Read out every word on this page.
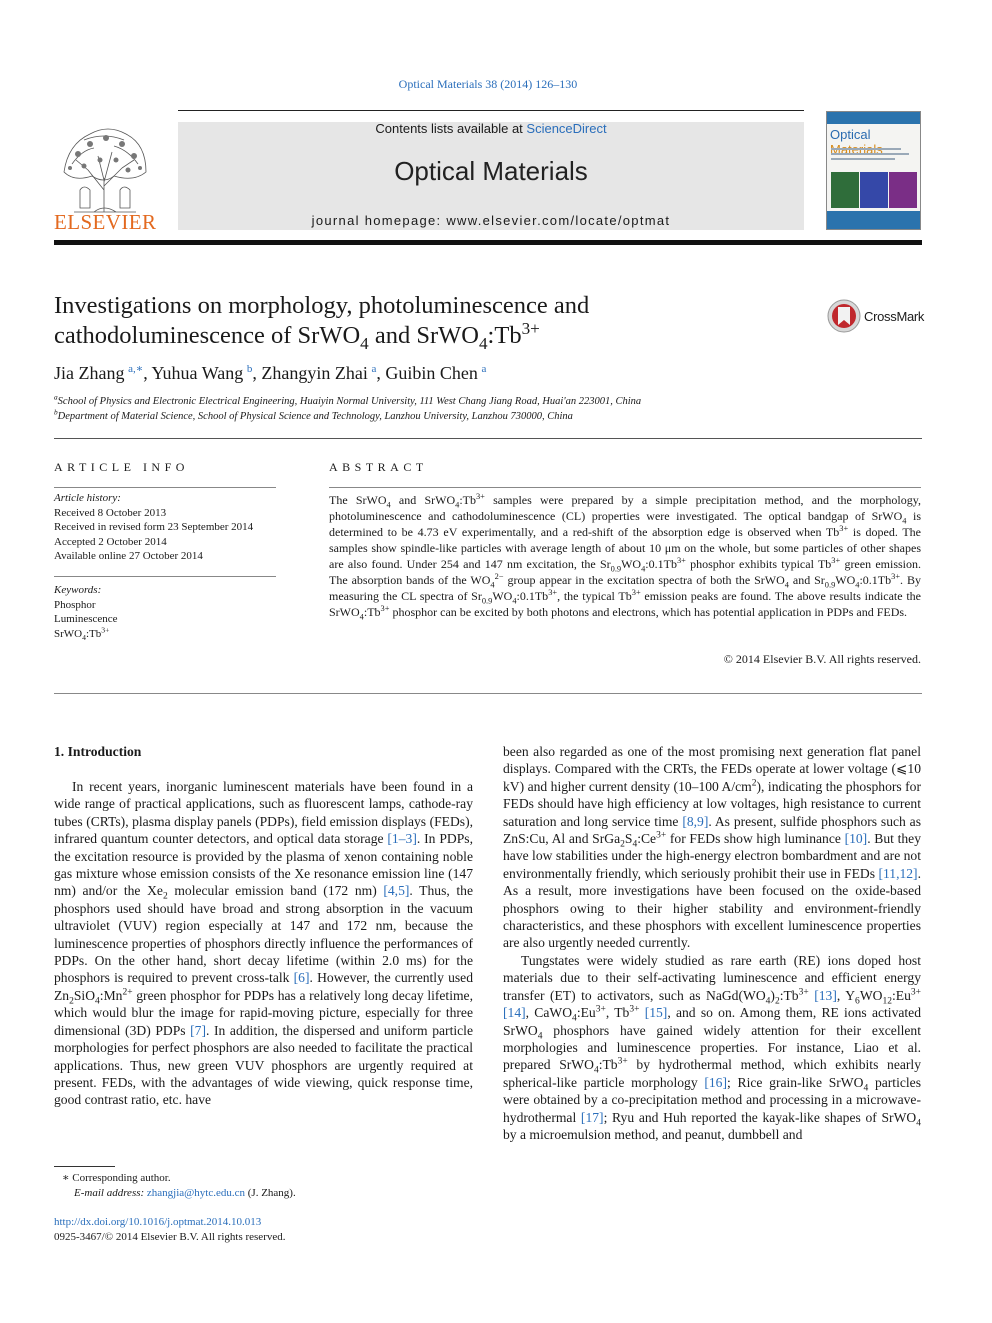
Optical Materials 38 (2014) 126–130
Contents lists available at ScienceDirect
Optical Materials
journal homepage: www.elsevier.com/locate/optmat
ELSEVIER
Optical
Investigations on morphology, photoluminescence and
cathodoluminescence of SrWO$_4$ and $SrWO_4:Tb^{3+}$
CrossMark
Jia Zhang  $^{a,∗}$, Yuhua Wang  $^b$, Zhangyin Zhai  $^a$, Guibin Chen  $^a$
$^a$School of Physics and Electronic Electrical Engineering, Huaiyin Normal University, 111 West Chang Jiang Road, Huai'an 223001, China
$^b$Department of Material Science, School of Physical Science and Technology, Lanzhou University, Lanzhou 730000, China
ARTICLE INFO
Article history:
Received 8 October 2013
Received in revised form 23 September 2014
Accepted 2 October 2014
Available online 27 October 2014
Keywords:
Phosphor
Luminescence
$SrWO_4:Tb^{3+}$
ABSTRACT

The SrWO$_4$ and $SrWO_4:Tb^{3+}$ samples were prepared by a simple precipitation method, and the morphology, photoluminescence and cathodoluminescence (CL) properties were investigated. The optical bandgap of SrWO$_4$ is determined to be 4.73 eV experimentally, and a red-shift of the absorption edge is observed when $Tb^{3+}$ is doped. The samples show spindle-like particles with average length of about 10 μm on the whole, but some particles of other shapes are also found. Under 254 and 147 nm excitation, the $Sr_{0.9}WO_4:0.1Tb^{3+}$ phosphor exhibits typical $Tb^{3+}$ green emission. The absorption bands of the $WO_4^{2-}$ group appear in the excitation spectra of both the SrWO$_4$ and $Sr_{0.9}WO_4:0.1Tb^{3+}$. By measuring the CL spectra of $Sr_{0.9}WO_4:0.1Tb^{3+}$, the typical $Tb^{3+}$ emission peaks are found. The above results indicate the $SrWO_4:Tb^{3+}$ phosphor can be excited by both photons and electrons, which has potential application in PDPs and FEDs.

© 2014 Elsevier B.V. All rights reserved.
1. Introduction

In recent years, inorganic luminescent materials have been found in a wide range of practical applications, such as fluorescent lamps, cathode-ray tubes (CRTs), plasma display panels (PDPs), field emission displays (FEDs), infrared quantum counter detectors, and optical data storage [1–3]. In PDPs, the excitation resource is provided by the plasma of xenon containing noble gas mixture whose emission consists of the Xe resonance emission line (147 nm) and/or the $Xe_2$ molecular emission band (172 nm) [4,5]. Thus, the phosphors used should have broad and strong absorption in the vacuum ultraviolet (VUV) region especially at 147 and 172 nm, because the luminescence properties of phosphors directly influence the performances of PDPs. On the other hand, short decay lifetime (within 2.0 ms) for the phosphors is required to prevent cross-talk [6]. However, the currently used $Zn_2SiO_4:Mn^{2+}$ green phosphor for PDPs has a relatively long decay lifetime, which would blur the image for rapid-moving picture, especially for three dimensional (3D) PDPs [7]. In addition, the dispersed and uniform particle morphologies for perfect phosphors are also needed to facilitate the practical applications. Thus, new green VUV phosphors are urgently required at present. FEDs, with the advantages of wide viewing, quick response time, good contrast ratio, etc. have

been also regarded as one of the most promising next generation flat panel displays. Compared with the CRTs, the FEDs operate at lower voltage (⩽10 kV) and higher current density (10–100 $A/cm^2$), indicating the phosphors for FEDs should have high efficiency at low voltages, high resistance to current saturation and long service time [8,9]. As present, sulfide phosphors such as ZnS:Cu, Al and $SrGa_2S_4:Ce^{3+}$ for FEDs show high luminance [10]. But they have low stabilities under the high-energy electron bombardment and are not environmentally friendly, which seriously prohibit their use in FEDs [11,12]. As a result, more investigations have been focused on the oxide-based phosphors owing to their higher stability and environment-friendly characteristics, and these phosphors with excellent luminescence properties are also urgently needed currently.

Tungstates were widely studied as rare earth (RE) ions doped host materials due to their self-activating luminescence and efficient energy transfer (ET) to activators, such as $NaGd(WO_4)_2:Tb^{3+}$ [13], $Y_6WO_{12}:Eu^{3+}$ [14], $CaWO_4:Eu^{3+}$, $Tb^{3+}$ [15], and so on. Among them, RE ions activated SrWO$_4$ phosphors have gained widely attention for their excellent morphologies and luminescence properties. For instance, Liao et al. prepared $SrWO_4:Tb^{3+}$ by hydrothermal method, which exhibits nearly spherical-like particle morphology [16]; Rice grain-like SrWO$_4$ particles were obtained by a co-precipitation method and processing in a microwave-hydrothermal [17]; Ryu and Huh reported the kayak-like shapes of SrWO$_4$ by a microemulsion method, and peanut, dumbbell and

∗ Corresponding author.
E-mail address: zhangjia@hytc.edu.cn (J. Zhang).
http://dx.doi.org/10.1016/j.optmat.2014.10.013
0925-3467/© 2014 Elsevier B.V. All rights reserved.
